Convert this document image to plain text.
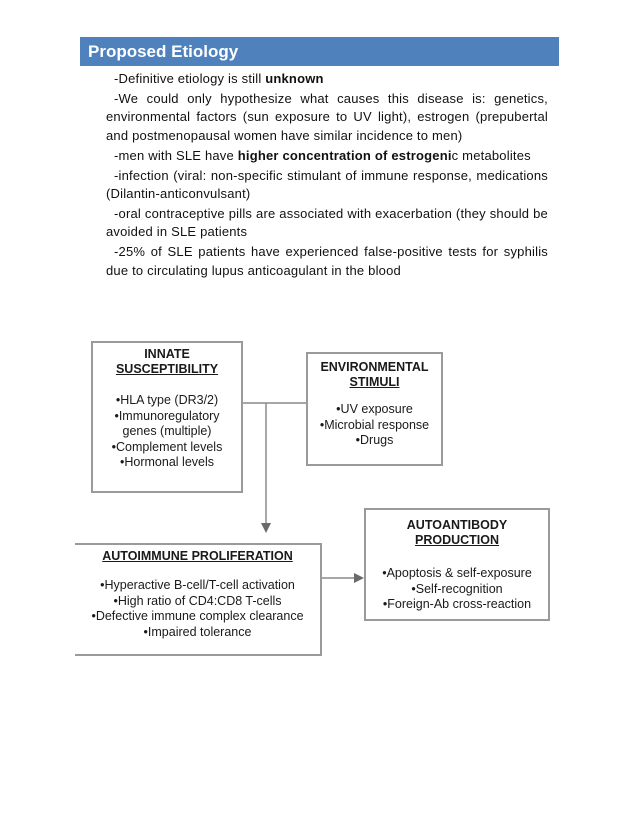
Proposed Etiology

-Definitive etiology is still unknown

-We could only hypothesize what causes this disease is: genetics, environmental factors (sun exposure to UV light), estrogen (prepubertal and postmenopausal women have similar incidence to men)

-men with SLE have higher concentration of estrogenic metabolites

-infection (viral: non-specific stimulant of immune response, medications (Dilantin-anticonvulsant)

-oral contraceptive pills are associated with exacerbation (they should be avoided in SLE patients

-25% of SLE patients have experienced false-positive tests for syphilis due to circulating lupus anticoagulant in the blood

INNATE
SUSCEPTIBILITY
•HLA type (DR3/2)
•Immunoregulatory
genes (multiple)
•Complement levels
•Hormonal levels
ENVIRONMENTAL
STIMULI
•UV exposure
•Microbial response
•Drugs
AUTOANTIBODY
PRODUCTION
•Apoptosis & self-exposure
•Self-recognition
•Foreign-Ab cross-reaction
AUTOIMMUNE PROLIFERATION
•Hyperactive B-cell/T-cell activation
•High ratio of CD4:CD8 T-cells
•Defective immune complex clearance
•Impaired tolerance
